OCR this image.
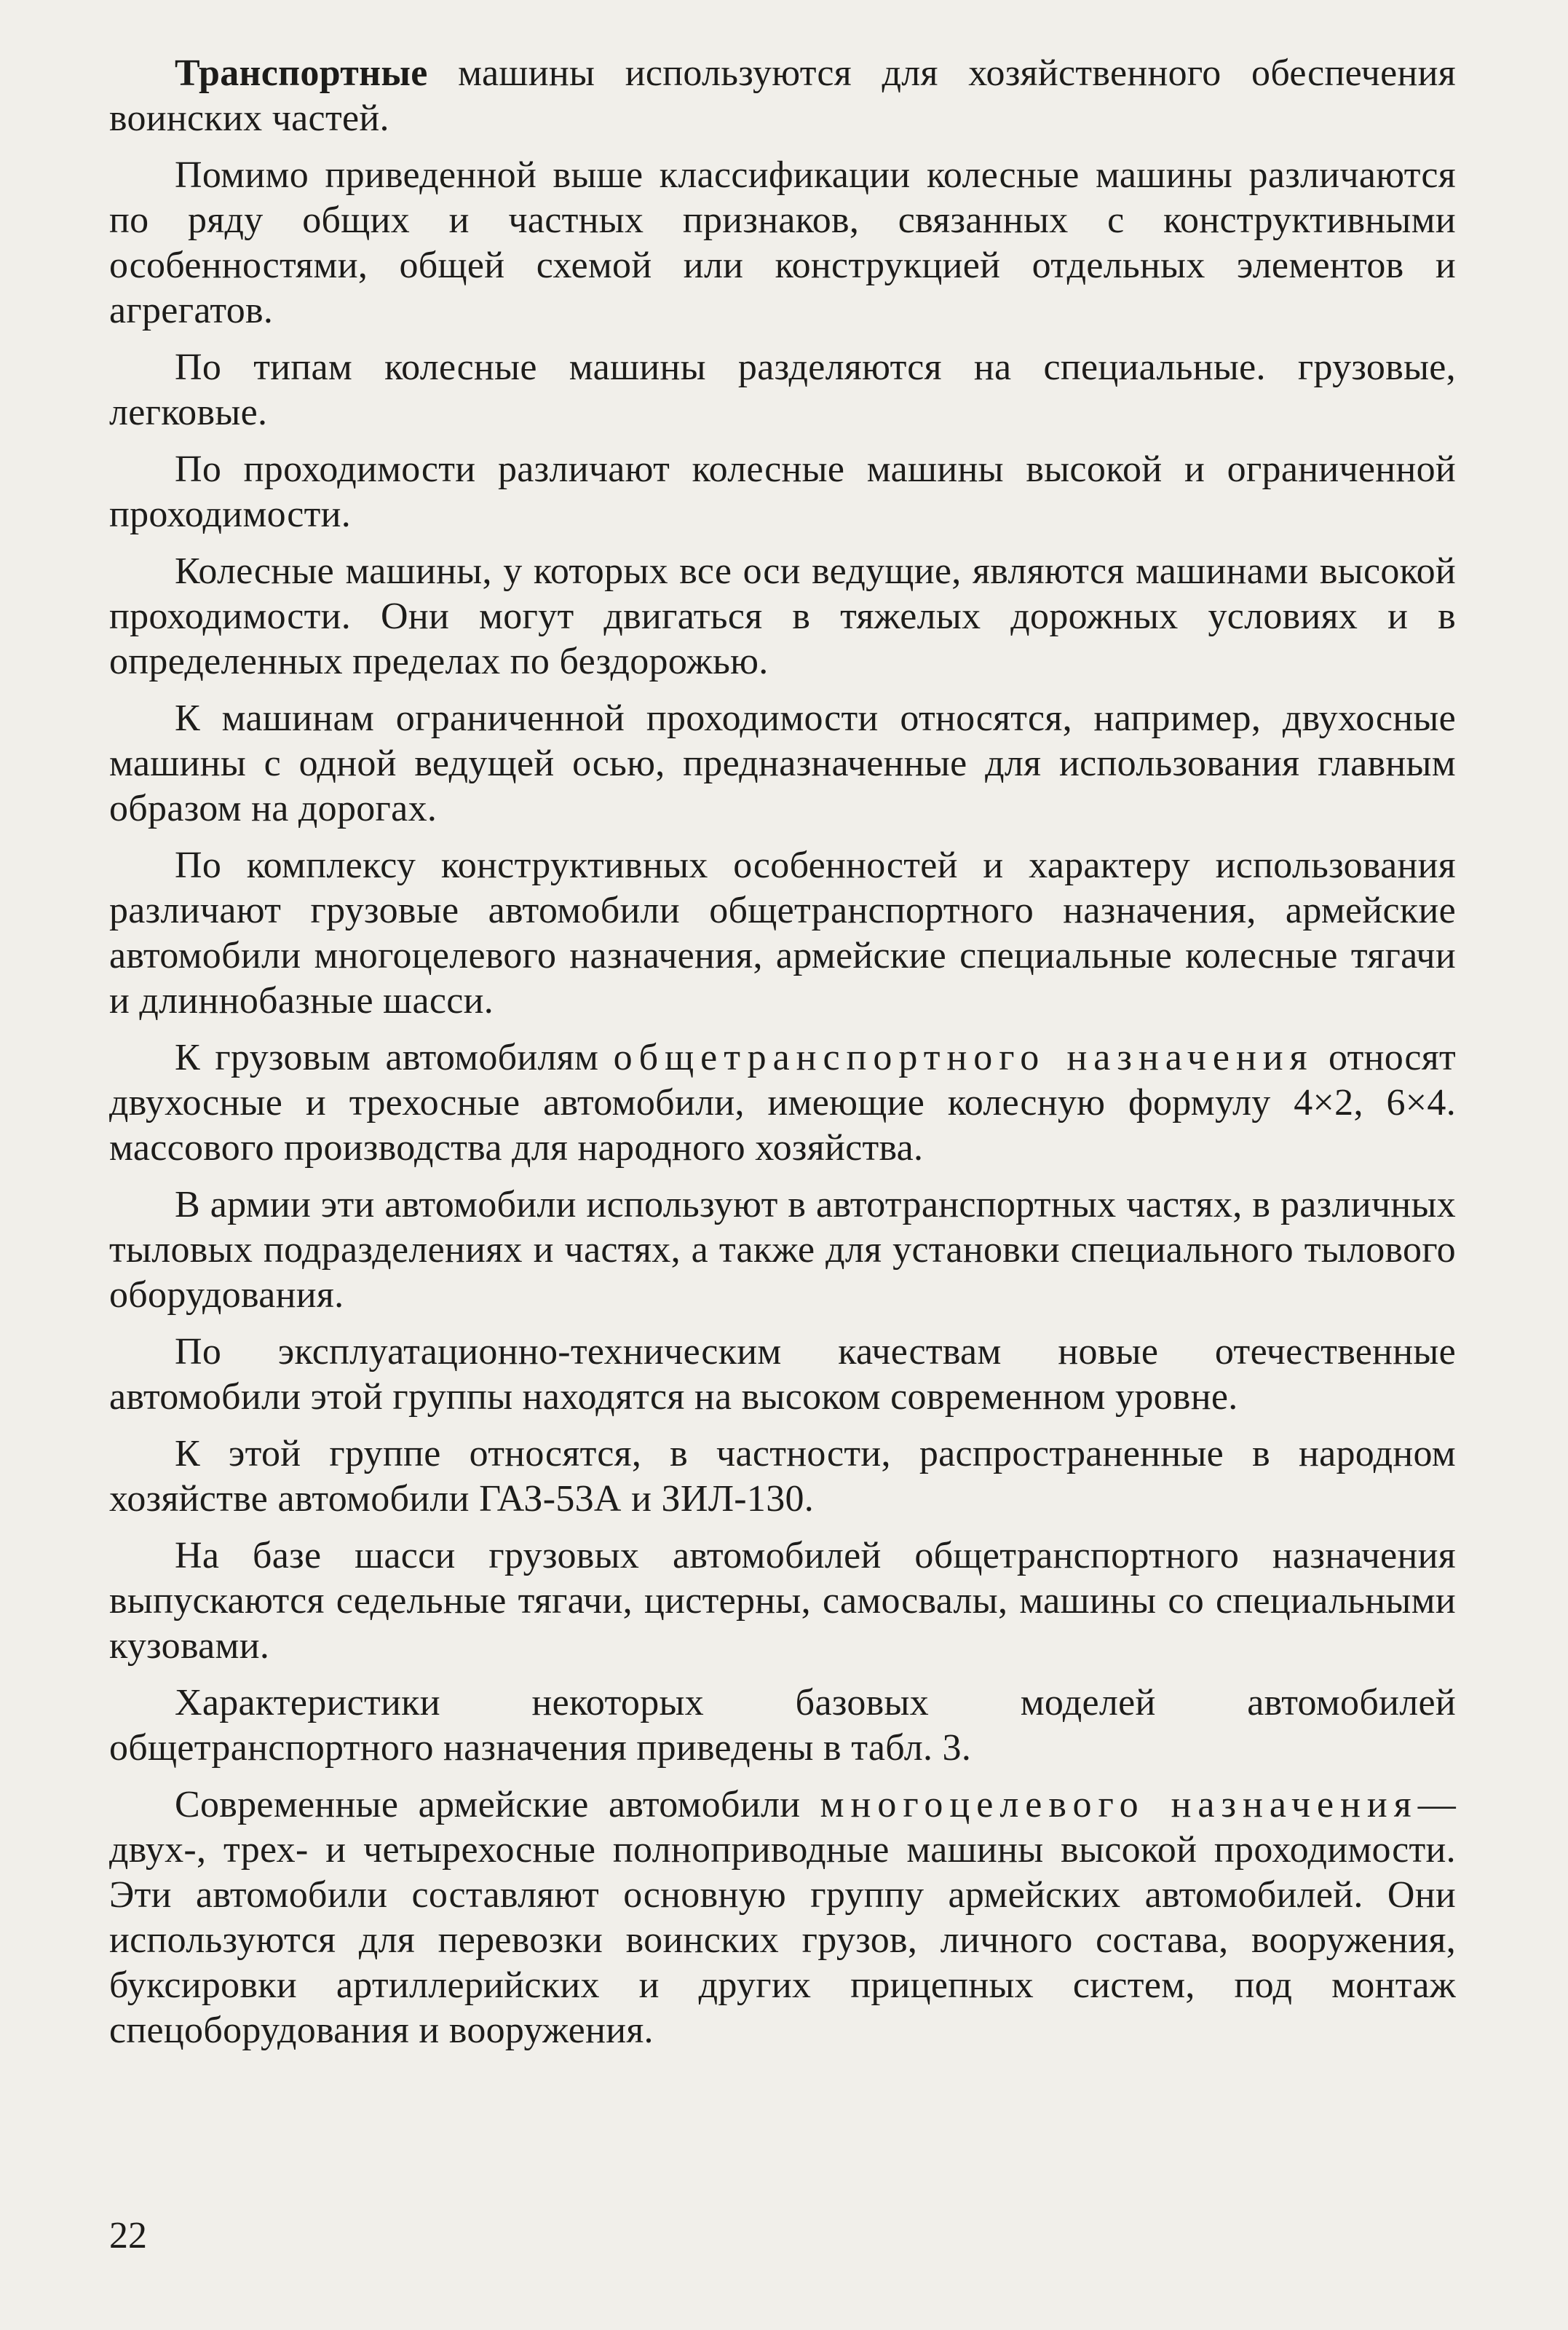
Транспортные машины используются для хозяйственного обеспечения воинских частей.

Помимо приведенной выше классификации колесные машины различаются по ряду общих и частных признаков, связанных с конструктивными особенностями, общей схемой или конструкцией отдельных элементов и агрегатов.

По типам колесные машины разделяются на специальные. грузовые, легковые.

По проходимости различают колесные машины высокой и ограниченной проходимости.

Колесные машины, у которых все оси ведущие, являются машинами высокой проходимости. Они могут двигаться в тяжелых дорожных условиях и в определенных пределах по бездорожью.

К машинам ограниченной проходимости относятся, например, двухосные машины с одной ведущей осью, предназначенные для использования главным образом на дорогах.

По комплексу конструктивных особенностей и характеру использования различают грузовые автомобили общетранспортного назначения, армейские автомобили многоцелевого назначения, армейские специальные колесные тягачи и длиннобазные шасси.

К грузовым автомобилям общетранспортного назначения относят двухосные и трехосные автомобили, имеющие колесную формулу 4×2, 6×4. массового производства для народного хозяйства.

В армии эти автомобили используют в автотранспортных частях, в различных тыловых подразделениях и частях, а также для установки специального тылового оборудования.

По эксплуатационно-техническим качествам новые отечественные автомобили этой группы находятся на высоком современном уровне.

К этой группе относятся, в частности, распространенные в народном хозяйстве автомобили ГАЗ-53А и ЗИЛ-130.

На базе шасси грузовых автомобилей общетранспортного назначения выпускаются седельные тягачи, цистерны, самосвалы, машины со специальными кузовами.

Характеристики некоторых базовых моделей автомобилей общетранспортного назначения приведены в табл. 3.

Современные армейские автомобили многоцелевого назначения—двух-, трех- и четырехосные полноприводные машины высокой проходимости. Эти автомобили составляют основную группу армейских автомобилей. Они используются для перевозки воинских грузов, личного состава, вооружения, буксировки артиллерийских и других прицепных систем, под монтаж спецоборудования и вооружения.

22
